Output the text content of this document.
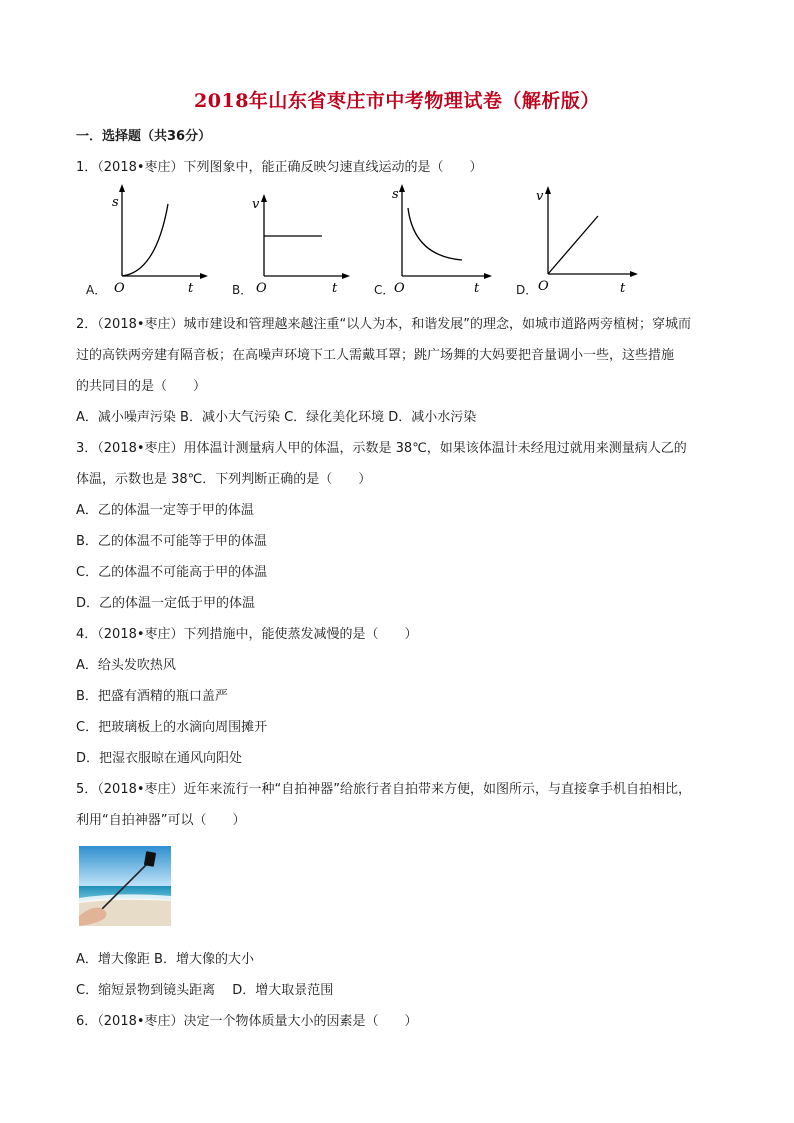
2018年山东省枣庄市中考物理试卷（解析版）
一．选择题（共36分）
1．（2018•枣庄）下列图象中，能正确反映匀速直线运动的是（　　）
s
O	t
A．
v
O	t
B．
s
O	t
C．
v
O	t
D．
2．（2018•枣庄）城市建设和管理越来越注重“以人为本，和谐发展”的理念，如城市道路两旁植树；穿城而
过的高铁两旁建有隔音板；在高噪声环境下工人需戴耳罩；跳广场舞的大妈要把音量调小一些，这些措施
的共同目的是（　　）
A．减小噪声污染 B．减小大气污染 C．绿化美化环境 D．减小水污染
3．（2018•枣庄）用体温计测量病人甲的体温，示数是 38℃，如果该体温计未经甩过就用来测量病人乙的
体温，示数也是 38℃．下列判断正确的是（　　）
A．乙的体温一定等于甲的体温
B．乙的体温不可能等于甲的体温
C．乙的体温不可能高于甲的体温
D．乙的体温一定低于甲的体温
4．（2018•枣庄）下列措施中，能使蒸发减慢的是（　　）
A．给头发吹热风
B．把盛有酒精的瓶口盖严
C．把玻璃板上的水滴向周围摊开
D．把湿衣服晾在通风向阳处
5．（2018•枣庄）近年来流行一种“自拍神器”给旅行者自拍带来方便，如图所示，与直接拿手机自拍相比，
利用“自拍神器”可以（　　）
A．增大像距 B．增大像的大小
C．缩短景物到镜头距离　 D．增大取景范围
6．（2018•枣庄）决定一个物体质量大小的因素是（　　）
